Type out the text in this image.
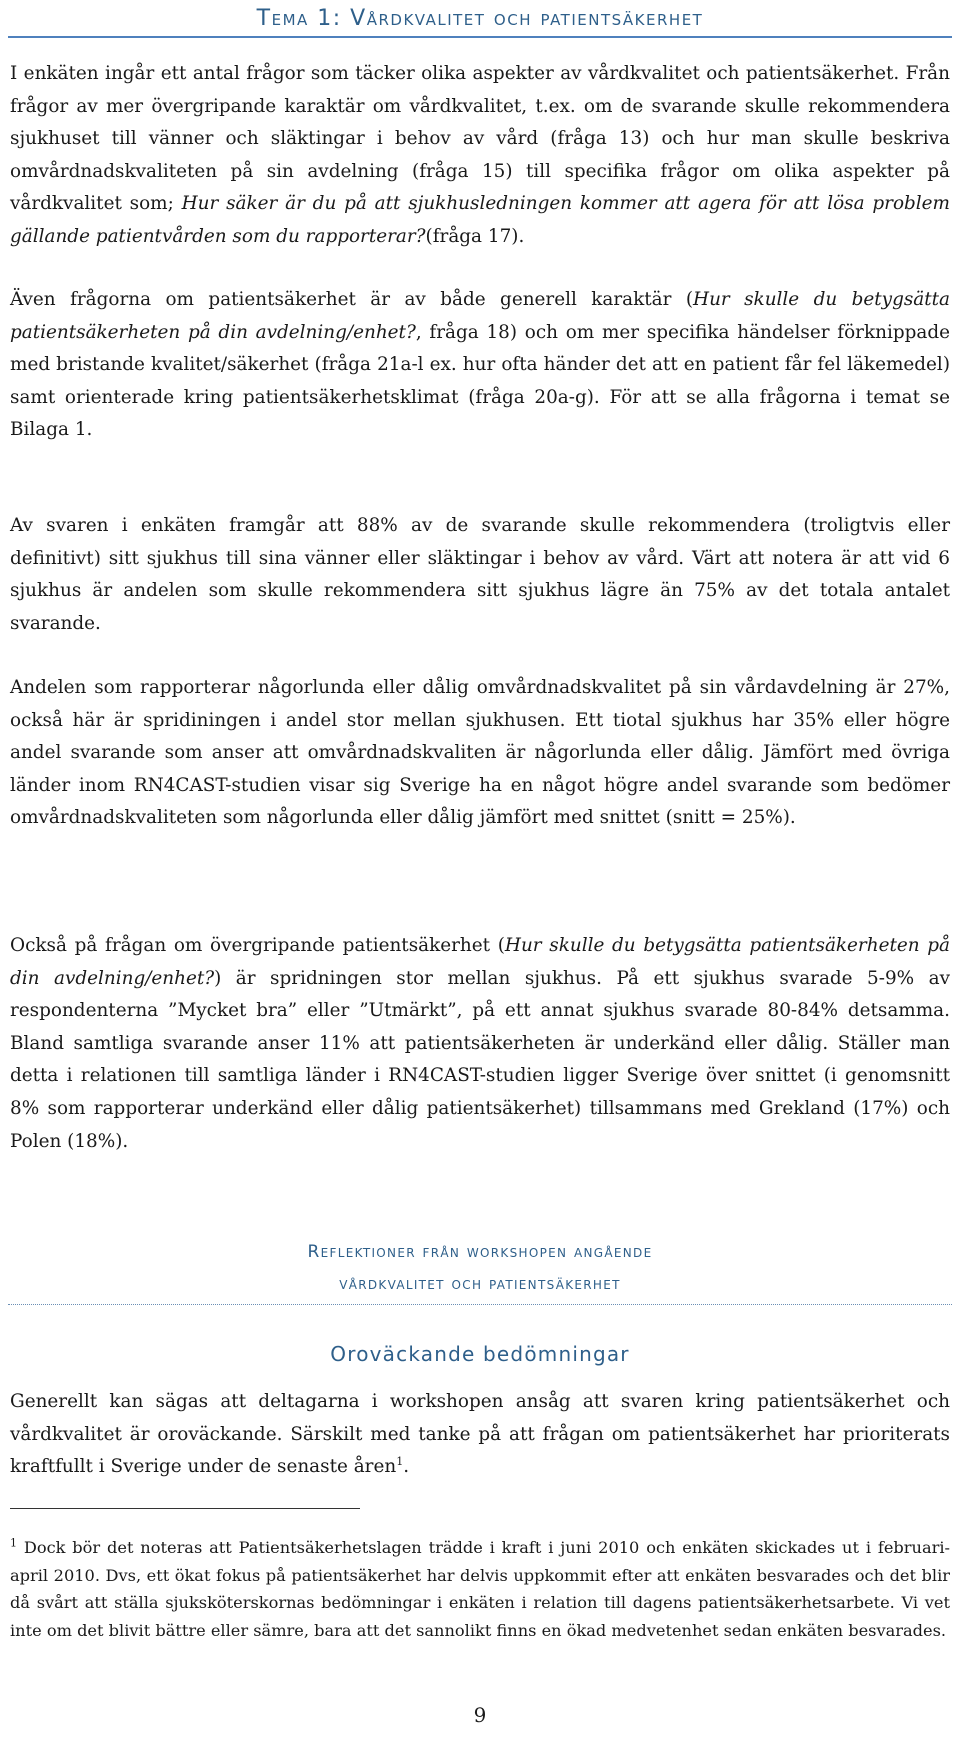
Tema 1: Vårdkvalitet och patientsäkerhet

I enkäten ingår ett antal frågor som täcker olika aspekter av vårdkvalitet och patientsäkerhet. Från frågor av mer övergripande karaktär om vårdkvalitet, t.ex. om de svarande skulle rekommendera sjukhuset till vänner och släktingar i behov av vård (fråga 13) och hur man skulle beskriva omvårdnadskvaliteten på sin avdelning (fråga 15) till specifika frågor om olika aspekter på vårdkvalitet som; Hur säker är du på att sjukhusledningen kommer att agera för att lösa problem gällande patientvården som du rapporterar?(fråga 17).

Även frågorna om patientsäkerhet är av både generell karaktär (Hur skulle du betygsätta patientsäkerheten på din avdelning/enhet?, fråga 18) och om mer specifika händelser förknippade med bristande kvalitet/säkerhet (fråga 21a-l ex. hur ofta händer det att en patient får fel läkemedel) samt orienterade kring patientsäkerhetsklimat (fråga 20a-g). För att se alla frågorna i temat se Bilaga 1.

Av svaren i enkäten framgår att 88% av de svarande skulle rekommendera (troligtvis eller definitivt) sitt sjukhus till sina vänner eller släktingar i behov av vård. Värt att notera är att vid 6 sjukhus är andelen som skulle rekommendera sitt sjukhus lägre än 75% av det totala antalet svarande.

Andelen som rapporterar någorlunda eller dålig omvårdnadskvalitet på sin vårdavdelning är 27%, också här är spridiningen i andel stor mellan sjukhusen. Ett tiotal sjukhus har 35% eller högre andel svarande som anser att omvårdnadskvaliten är någorlunda eller dålig. Jämfört med övriga länder inom RN4CAST-studien visar sig Sverige ha en något högre andel svarande som bedömer omvårdnadskvaliteten som någorlunda eller dålig jämfört med snittet (snitt = 25%).

Också på frågan om övergripande patientsäkerhet (Hur skulle du betygsätta patientsäkerheten på din avdelning/enhet?) är spridningen stor mellan sjukhus. På ett sjukhus svarade 5-9% av respondenterna ”Mycket bra” eller ”Utmärkt”, på ett annat sjukhus svarade 80-84% detsamma. Bland samtliga svarande anser 11% att patientsäkerheten är underkänd eller dålig. Ställer man detta i relationen till samtliga länder i RN4CAST-studien ligger Sverige över snittet (i genomsnitt 8% som rapporterar underkänd eller dålig patientsäkerhet) tillsammans med Grekland (17%) och Polen (18%).

Reflektioner från workshopen angående
vårdkvalitet och patientsäkerhet
Oroväckande bedömningar

Generellt kan sägas att deltagarna i workshopen ansåg att svaren kring patientsäkerhet och vårdkvalitet är oroväckande. Särskilt med tanke på att frågan om patientsäkerhet har prioriterats kraftfullt i Sverige under de senaste åren$^1$.

$^1$ Dock bör det noteras att Patientsäkerhetslagen trädde i kraft i juni 2010 och enkäten skickades ut i februari-april 2010. Dvs, ett ökat fokus på patientsäkerhet har delvis uppkommit efter att enkäten besvarades och det blir då svårt att ställa sjuksköterskornas bedömningar i enkäten i relation till dagens patientsäkerhetsarbete. Vi vet inte om det blivit bättre eller sämre, bara att det sannolikt finns en ökad medvetenhet sedan enkäten besvarades.

9
